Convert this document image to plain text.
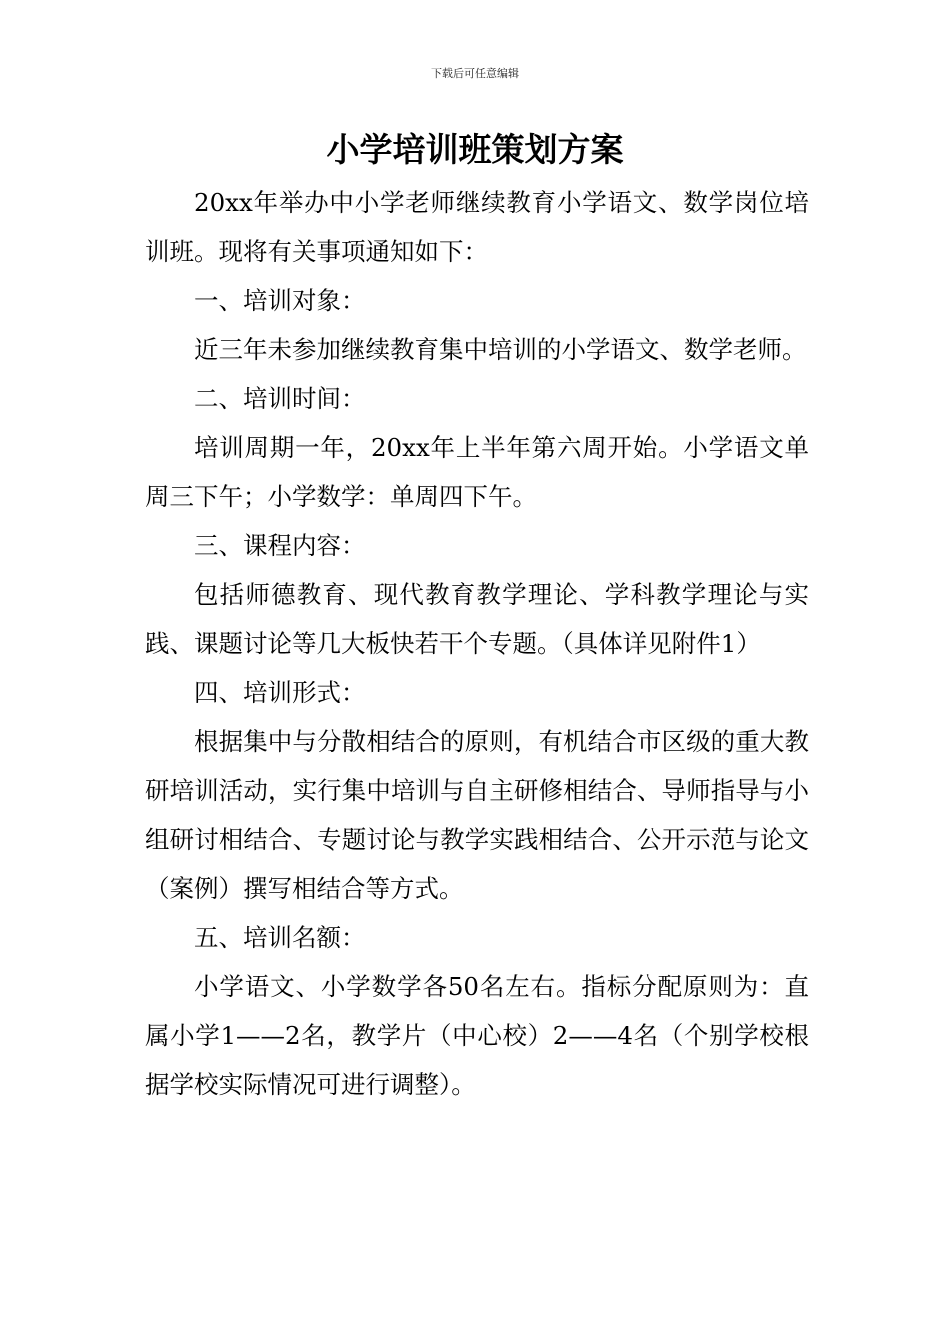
下载后可任意编辑
小学培训班策划方案

20xx年举办中小学老师继续教育小学语文、数学岗位培训班。现将有关事项通知如下：

一、培训对象：

近三年未参加继续教育集中培训的小学语文、数学老师。

二、培训时间：

培训周期一年，20xx年上半年第六周开始。小学语文单周三下午；小学数学：单周四下午。

三、课程内容：

包括师德教育、现代教育教学理论、学科教学理论与实践、课题讨论等几大板快若干个专题。（具体详见附件1）

四、培训形式：

根据集中与分散相结合的原则，有机结合市区级的重大教研培训活动，实行集中培训与自主研修相结合、导师指导与小组研讨相结合、专题讨论与教学实践相结合、公开示范与论文（案例）撰写相结合等方式。

五、培训名额：

小学语文、小学数学各50名左右。指标分配原则为：直属小学1——2名，教学片（中心校）2——4名（个别学校根据学校实际情况可进行调整）。
